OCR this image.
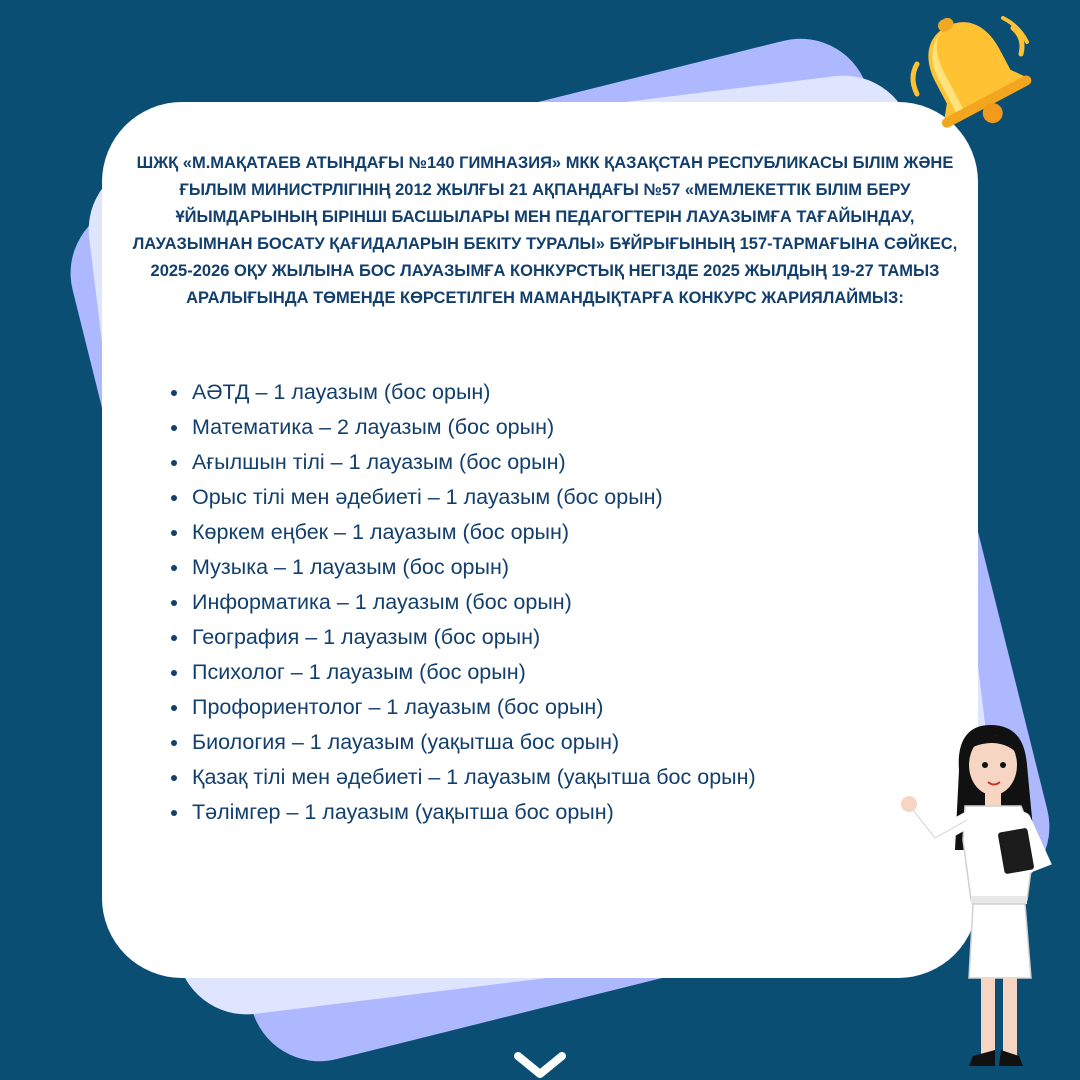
ШЖҚ «М.МАҚАТАЕВ АТЫНДАҒЫ №140 ГИМНАЗИЯ» МКК ҚАЗАҚСТАН РЕСПУБЛИКАСЫ БІЛІМ ЖӘНЕ ҒЫЛЫМ МИНИСТРЛІГІНІҢ 2012 ЖЫЛҒЫ 21 АҚПАНДАҒЫ №57 «МЕМЛЕКЕТТІК БІЛІМ БЕРУ ҰЙЫМДАРЫНЫҢ БІРІНШІ БАСШЫЛАРЫ МЕН ПЕДАГОГТЕРІН ЛАУАЗЫМҒА ТАҒАЙЫНДАУ, ЛАУАЗЫМНАН БОСАТУ ҚАҒИДАЛАРЫН БЕКІТУ ТУРАЛЫ» БҰЙРЫҒЫНЫҢ 157-ТАРМАҒЫНА СӘЙКЕС, 2025-2026 ОҚУ ЖЫЛЫНА БОС ЛАУАЗЫМҒА КОНКУРСТЫҚ НЕГІЗДЕ 2025 ЖЫЛДЫҢ 19-27 ТАМЫЗ АРАЛЫҒЫНДА ТӨМЕНДЕ КӨРСЕТІЛГЕН МАМАНДЫҚТАРҒА КОНКУРС ЖАРИЯЛАЙМЫЗ:

• АӘТД – 1 лауазым (бос орын)
• Математика – 2 лауазым (бос орын)
• Ағылшын тілі – 1 лауазым (бос орын)
• Орыс тілі мен әдебиеті – 1 лауазым (бос орын)
• Көркем еңбек – 1 лауазым (бос орын)
• Музыка – 1 лауазым (бос орын)
• Информатика – 1 лауазым (бос орын)
• География – 1 лауазым (бос орын)
• Психолог – 1 лауазым (бос орын)
• Профориентолог – 1 лауазым (бос орын)
• Биология – 1 лауазым (уақытша бос орын)
• Қазақ тілі мен әдебиеті – 1 лауазым (уақытша бос орын)
• Тәлімгер – 1 лауазым (уақытша бос орын)
